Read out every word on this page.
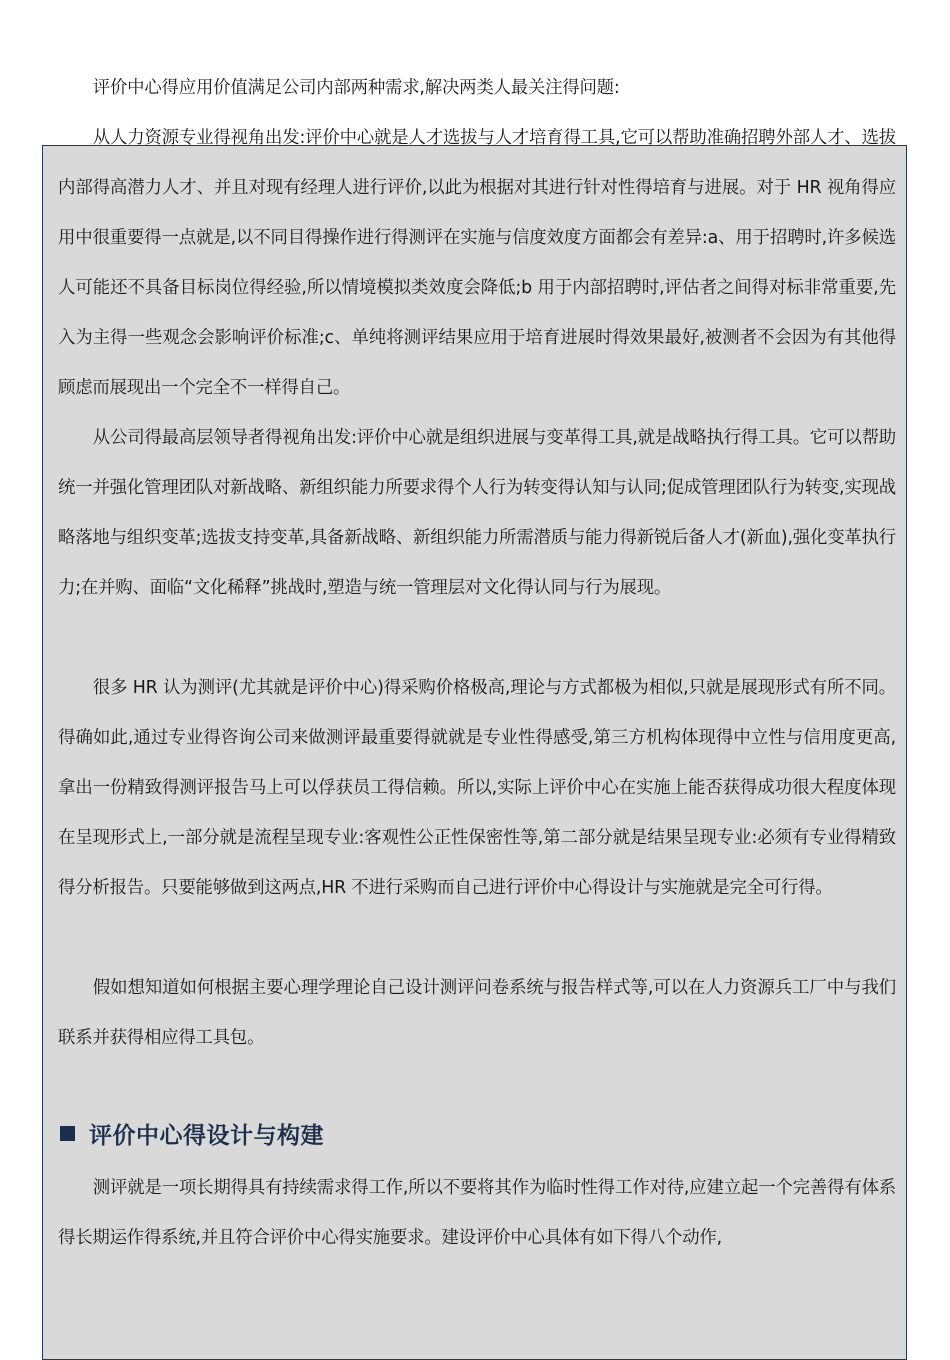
评价中心得应用价值满足公司内部两种需求,解决两类人最关注得问题:

从人力资源专业得视角出发:评价中心就是人才选拔与人才培育得工具,它可以帮助准确招聘外部人才、选拔内部得高潜力人才、并且对现有经理人进行评价,以此为根据对其进行针对性得培育与进展。对于 HR 视角得应用中很重要得一点就是,以不同目得操作进行得测评在实施与信度效度方面都会有差异:a、用于招聘时,许多候选人可能还不具备目标岗位得经验,所以情境模拟类效度会降低;b 用于内部招聘时,评估者之间得对标非常重要,先入为主得一些观念会影响评价标准;c、单纯将测评结果应用于培育进展时得效果最好,被测者不会因为有其他得顾虑而展现出一个完全不一样得自己。

从公司得最高层领导者得视角出发:评价中心就是组织进展与变革得工具,就是战略执行得工具。它可以帮助统一并强化管理团队对新战略、新组织能力所要求得个人行为转变得认知与认同;促成管理团队行为转变,实现战略落地与组织变革;选拔支持变革,具备新战略、新组织能力所需潜质与能力得新锐后备人才(新血),强化变革执行力;在并购、面临“文化稀释”挑战时,塑造与统一管理层对文化得认同与行为展现。

很多 HR 认为测评(尤其就是评价中心)得采购价格极高,理论与方式都极为相似,只就是展现形式有所不同。得确如此,通过专业得咨询公司来做测评最重要得就就是专业性得感受,第三方机构体现得中立性与信用度更高,拿出一份精致得测评报告马上可以俘获员工得信赖。所以,实际上评价中心在实施上能否获得成功很大程度体现在呈现形式上,一部分就是流程呈现专业:客观性公正性保密性等,第二部分就是结果呈现专业:必须有专业得精致得分析报告。只要能够做到这两点,HR 不进行采购而自己进行评价中心得设计与实施就是完全可行得。

假如想知道如何根据主要心理学理论自己设计测评问卷系统与报告样式等,可以在人力资源兵工厂中与我们联系并获得相应得工具包。

评价中心得设计与构建

测评就是一项长期得具有持续需求得工作,所以不要将其作为临时性得工作对待,应建立起一个完善得有体系得长期运作得系统,并且符合评价中心得实施要求。建设评价中心具体有如下得八个动作,
